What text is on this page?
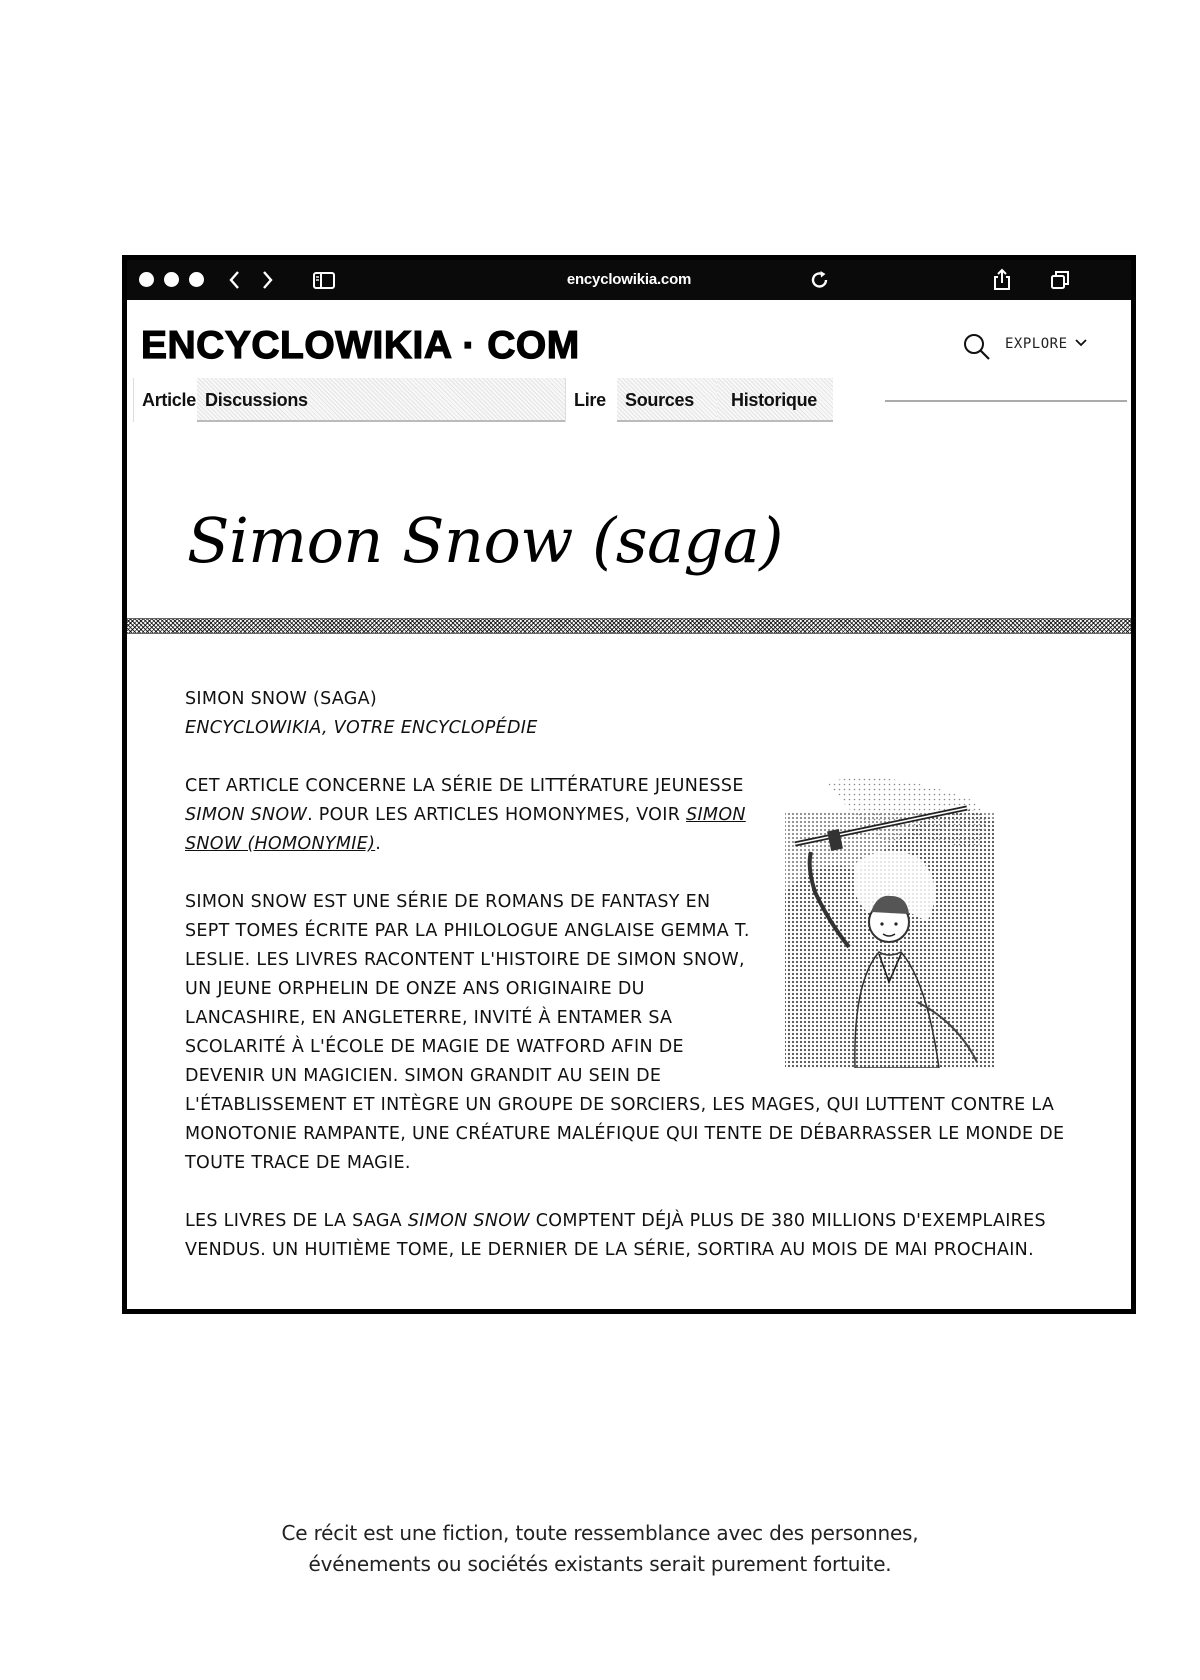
encyclowikia.com
ENCYCLOWIKIA · COM	EXPLORE
Article Discussions	Lire	Sources	Historique
Simon Snow (saga)

SIMON SNOW (SAGA)

ENCYCLOWIKIA, VOTRE ENCYCLOPÉDIE

CET ARTICLE CONCERNE LA SÉRIE DE LITTÉRATURE JEUNESSE SIMON SNOW. POUR LES ARTICLES HOMONYMES, VOIR SIMON SNOW (HOMONYMIE).

SIMON SNOW EST UNE SÉRIE DE ROMANS DE FANTASY EN SEPT TOMES ÉCRITE PAR LA PHILOLOGUE ANGLAISE GEMMA T. LESLIE. LES LIVRES RACONTENT L'HISTOIRE DE SIMON SNOW, UN JEUNE ORPHELIN DE ONZE ANS ORIGINAIRE DU LANCASHIRE, EN ANGLETERRE, INVITÉ À ENTAMER SA SCOLARITÉ À L'ÉCOLE DE MAGIE DE WATFORD AFIN DE DEVENIR UN MAGICIEN. SIMON GRANDIT AU SEIN DE L'ÉTABLISSEMENT ET INTÈGRE UN GROUPE DE SORCIERS, LES MAGES, QUI LUTTENT CONTRE LA MONOTONIE RAMPANTE, UNE CRÉATURE MALÉFIQUE QUI TENTE DE DÉBARRASSER LE MONDE DE TOUTE TRACE DE MAGIE.

LES LIVRES DE LA SAGA SIMON SNOW COMPTENT DÉJÀ PLUS DE 380 MILLIONS D'EXEMPLAIRES VENDUS. UN HUITIÈME TOME, LE DERNIER DE LA SÉRIE, SORTIRA AU MOIS DE MAI PROCHAIN.

Ce récit est une fiction, toute ressemblance avec des personnes,
événements ou sociétés existants serait purement fortuite.
